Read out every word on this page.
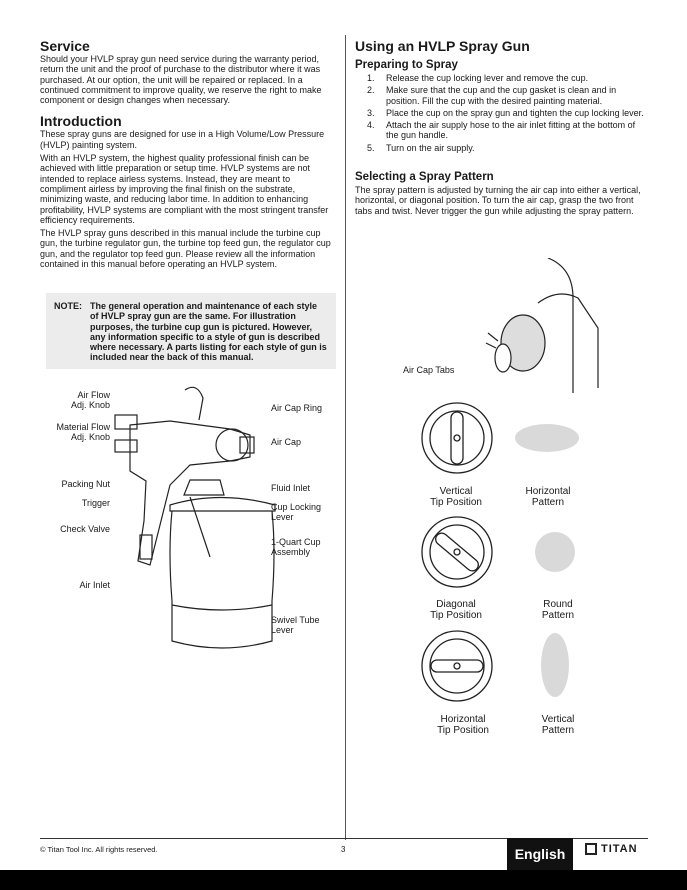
Service

Should your HVLP spray gun need service during the warranty period, return the unit and the proof of purchase to the distributor where it was purchased. At our option, the unit will be repaired or replaced. In a continued commitment to improve quality, we reserve the right to make component or design changes when necessary.

Introduction

These spray guns are designed for use in a High Volume/Low Pressure (HVLP) painting system.

With an HVLP system, the highest quality professional finish can be achieved with little preparation or setup time. HVLP systems are not intended to replace airless systems. Instead, they are meant to compliment airless by improving the final finish on the substrate, minimizing waste, and reducing labor time. In addition to enhancing profitability, HVLP systems are compliant with the most stringent transfer efficiency requirements.

The HVLP spray guns described in this manual include the turbine cup gun, the turbine regulator gun, the turbine top feed gun, the regulator cup gun, and the regulator top feed gun. Please review all the information contained in this manual before operating an HVLP system.

NOTE: The general operation and maintenance of each style of HVLP spray gun are the same. For illustration purposes, the turbine cup gun is pictured. However, any information specific to a style of gun is described where necessary. A parts listing for each style of gun is included near the back of this manual.
Air Flow
Adj. Knob
Material Flow
Adj. Knob
Packing Nut
Trigger
Check Valve
Air Inlet
Air Cap Ring
Air Cap
Fluid Inlet
Cup Locking
Lever
1-Quart Cup
Assembly
Swivel Tube
Lever
Using an HVLP Spray Gun
Preparing to Spray
1.	Release the cup locking lever and remove the cup.
2.	Make sure that the cup and the cup gasket is clean and in position. Fill the cup with the desired painting material.
3.	Place the cup on the spray gun and tighten the cup locking lever.
4.	Attach the air supply hose to the air inlet fitting at the bottom of the gun handle.
5.	Turn on the air supply.
Selecting a Spray Pattern

The spray pattern is adjusted by turning the air cap into either a vertical, horizontal, or diagonal position. To turn the air cap, grasp the two front tabs and twist. Never trigger the gun while adjusting the spray pattern.

Air Cap Tabs
Vertical
Tip Position
Horizontal
Pattern
Diagonal
Tip Position
Round
Pattern
Horizontal
Tip Position
Vertical
Pattern
© Titan Tool Inc. All rights reserved.	3	English	TITAN
